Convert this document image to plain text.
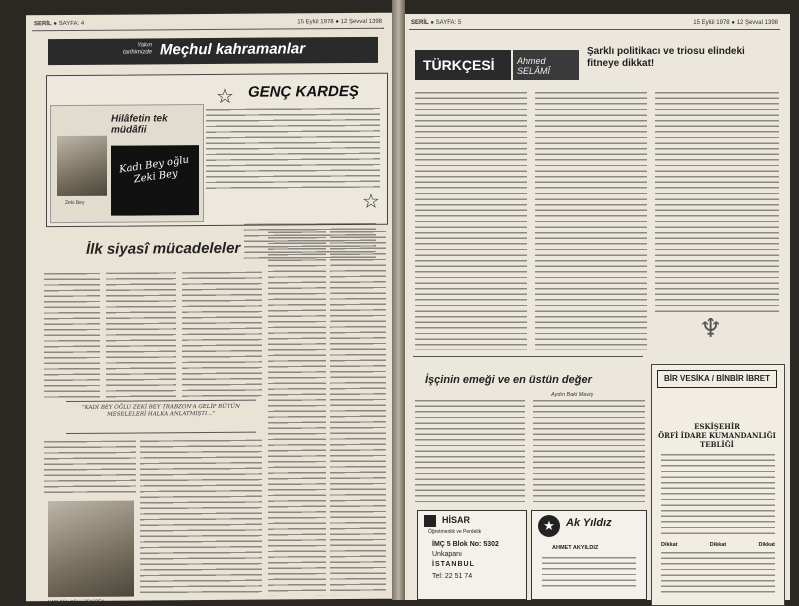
SERİL ● SAYFA: 4	15 Eylül 1978 ● 12 Şevval 1398
Yakın tarihimizde Meçhul kahramanlar
Hilâfetin tek müdâfii
Kadı Bey oğlu Zeki Bey
Zeki Bey
☆ GENÇ KARDEŞ
☆
İlk siyasî mücadeleler
"KADI BEY OĞLU ZEKİ BEY TRABZON'A GELİP BÜTÜN MESELELERİ HALKA ANLATMIŞTI..."
KADI BEY OĞLU ZEKİ BEY
SERİL ● SAYFA: 5	15 Eylül 1978 ● 12 Şevval 1398
TÜRKÇESİ Ahmed SELÂMÎ
Şarklı politikacı ve triosu elindeki fitneye dikkat!
♆
İşçinin emeği ve en üstün değer
Aydın Baki Maviş
BİR VESİKA / BİNBİR İBRET
ESKİŞEHİR
ÖRFİ İDARE KUMANDANLIĞI
TEBLİĞİ
Dikkat	Dikkat	Dikkat
HİSAR
Öğretmenlik ve Perdelik
İMÇ 5 Blok No: 5302
Unkapanı
İSTANBUL
Tel: 22 51 74
★	Ak Yıldız
AHMET AKYILDIZ
